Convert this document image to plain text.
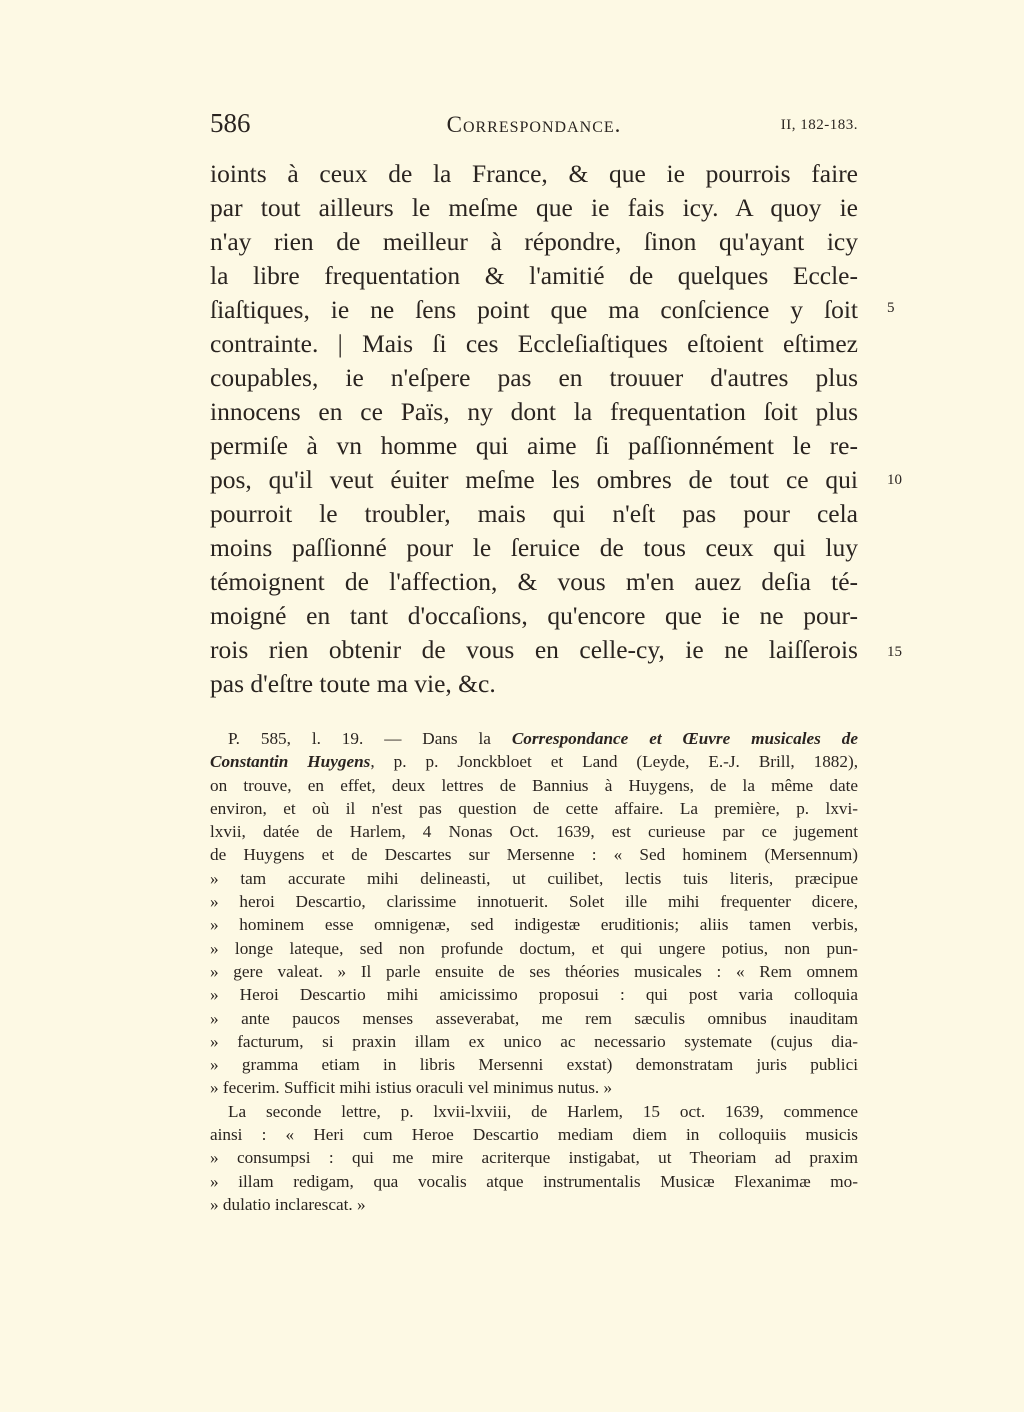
586	Correspondance.	II, 182-183.
ioints à ceux de la France, & que ie pourrois faire
par tout ailleurs le meſme que ie fais icy. A quoy ie
n'ay rien de meilleur à répondre, ſinon qu'ayant icy
la libre frequentation & l'amitié de quelques Eccle-
ſiaſtiques, ie ne ſens point que ma conſcience y ſoit
contrainte. | Mais ſi ces Eccleſiaſtiques eſtoient eſtimez
coupables, ie n'eſpere pas en trouuer d'autres plus
innocens en ce Païs, ny dont la frequentation ſoit plus
permiſe à vn homme qui aime ſi paſſionnément le re-
pos, qu'il veut éuiter meſme les ombres de tout ce qui
pourroit le troubler, mais qui n'eſt pas pour cela
moins paſſionné pour le ſeruice de tous ceux qui luy
témoignent de l'affection, & vous m'en auez deſia té-
moigné en tant d'occaſions, qu'encore que ie ne pour-
rois rien obtenir de vous en celle-cy, ie ne laiſſerois
pas d'eſtre toute ma vie, &c.
5
10
15
P. 585, l. 19. — Dans la Correspondance et Œuvre musicales de
Constantin Huygens, p. p. Jonckbloet et Land (Leyde, E.-J. Brill, 1882),
on trouve, en effet, deux lettres de Bannius à Huygens, de la même date
environ, et où il n'est pas question de cette affaire. La première, p. lxvi-
lxvii, datée de Harlem, 4 Nonas Oct. 1639, est curieuse par ce jugement
de Huygens et de Descartes sur Mersenne : « Sed hominem (Mersennum)
» tam accurate mihi delineasti, ut cuilibet, lectis tuis literis, præcipue
» heroi Descartio, clarissime innotuerit. Solet ille mihi frequenter dicere,
» hominem esse omnigenæ, sed indigestæ eruditionis; aliis tamen verbis,
» longe lateque, sed non profunde doctum, et qui ungere potius, non pun-
» gere valeat. » Il parle ensuite de ses théories musicales : « Rem omnem
» Heroi Descartio mihi amicissimo proposui : qui post varia colloquia
» ante paucos menses asseverabat, me rem sæculis omnibus inauditam
» facturum, si praxin illam ex unico ac necessario systemate (cujus dia-
» gramma etiam in libris Mersenni exstat) demonstratam juris publici
» fecerim. Sufficit mihi istius oraculi vel minimus nutus. »
La seconde lettre, p. lxvii-lxviii, de Harlem, 15 oct. 1639, commence
ainsi : « Heri cum Heroe Descartio mediam diem in colloquiis musicis
» consumpsi : qui me mire acriterque instigabat, ut Theoriam ad praxim
» illam redigam, qua vocalis atque instrumentalis Musicæ Flexanimæ mo-
» dulatio inclarescat. »
